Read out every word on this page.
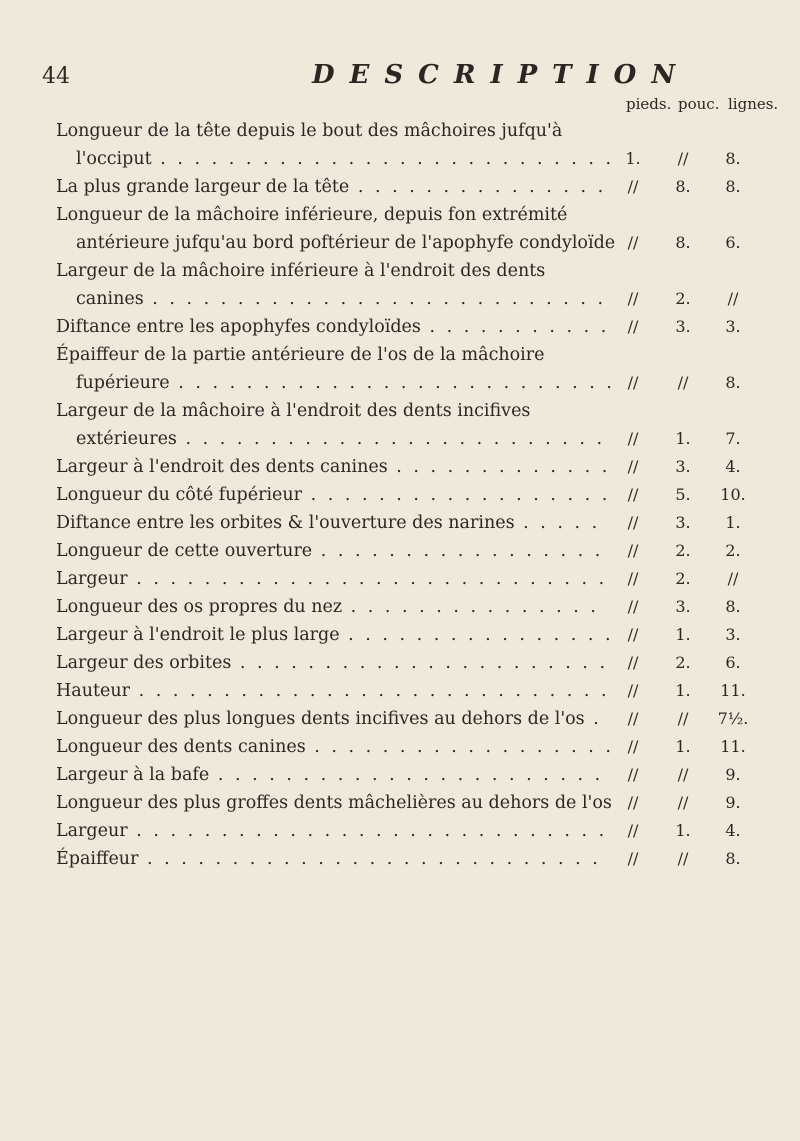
44	DESCRIPTION
pieds. pouc. lignes.
Longueur de la tête depuis le bout des mâchoires jufqu'à l'occiput . . . . . . . . . . . . . . . . . . . . . . . . . . . 1.	//	8.
La plus grande largeur de la tête . . . . . . . . . . . . . . .	//	8.	8.
Longueur de la mâchoire inférieure, depuis fon extrémité antérieure jufqu'au bord poftérieur de l'apophyfe condyloïde //	8.	6.
Largeur de la mâchoire inférieure à l'endroit des dents canines . . . . . . . . . . . . . . . . . . . . . . . . . . .	//	2.	//
Diftance entre les apophyfes condyloïdes . . . . . . . . . . .	//	3.	3.
Épaiffeur de la partie antérieure de l'os de la mâchoire fupérieure . . . . . . . . . . . . . . . . . . . . . . . . . . //	//	8.
Largeur de la mâchoire à l'endroit des dents incifives extérieures . . . . . . . . . . . . . . . . . . . . . . . . .	//	1.	7.
Largeur à l'endroit des dents canines . . . . . . . . . . . . .	//	3.	4.
Longueur du côté fupérieur . . . . . . . . . . . . . . . . . .	//	5.	10.
Diftance entre les orbites & l'ouverture des narines . . . . .	//	3.	1.
Longueur de cette ouverture . . . . . . . . . . . . . . . . .	//	2.	2.
Largeur . . . . . . . . . . . . . . . . . . . . . . . . . . . .	//	2.	//
Longueur des os propres du nez . . . . . . . . . . . . . . .	//	3.	8.
Largeur à l'endroit le plus large . . . . . . . . . . . . . . . . //	1.	3.
Largeur des orbites . . . . . . . . . . . . . . . . . . . . . .	//	2.	6.
Hauteur . . . . . . . . . . . . . . . . . . . . . . . . . . . .	//	1.	11.
Longueur des plus longues dents incifives au dehors de l'os .	//	//	7½.
Longueur des dents canines . . . . . . . . . . . . . . . . . . //	1.	11.
Largeur à la bafe . . . . . . . . . . . . . . . . . . . . . . .	//	//	9.
Longueur des plus groffes dents mâchelières au dehors de l'os //	//	9.
Largeur . . . . . . . . . . . . . . . . . . . . . . . . . . . .	//	1.	4.
Épaiffeur . . . . . . . . . . . . . . . . . . . . . . . . . . .	//	//	8.
